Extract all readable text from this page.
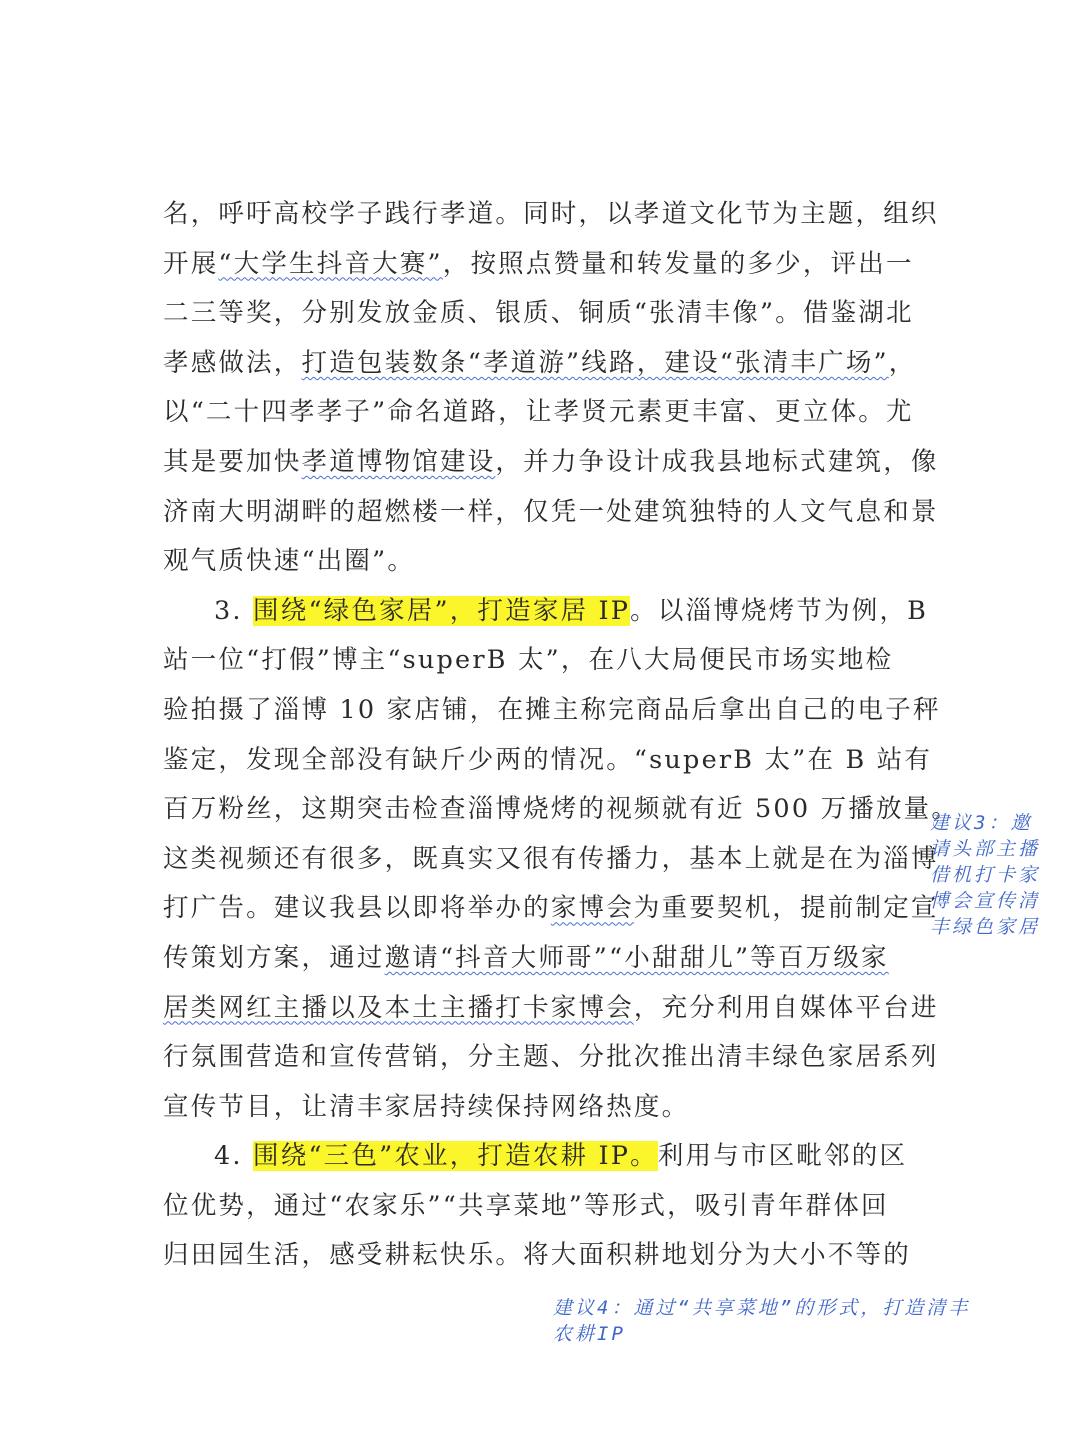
名，呼吁高校学子践行孝道。同时，以孝道文化节为主题，组织
开展“大学生抖音大赛”，按照点赞量和转发量的多少，评出一
二三等奖，分别发放金质、银质、铜质“张清丰像”。借鉴湖北
孝感做法，打造包装数条“孝道游”线路，建设“张清丰广场”，
以“二十四孝孝子”命名道路，让孝贤元素更丰富、更立体。尤
其是要加快孝道博物馆建设，并力争设计成我县地标式建筑，像
济南大明湖畔的超燃楼一样，仅凭一处建筑独特的人文气息和景
观气质快速“出圈”。
3. 围绕“绿色家居”，打造家居 IP。以淄博烧烤节为例，B
站一位“打假”博主“superB 太”，在八大局便民市场实地检
验拍摄了淄博 10 家店铺，在摊主称完商品后拿出自己的电子秤
鉴定，发现全部没有缺斤少两的情况。“superB 太”在 B 站有
百万粉丝，这期突击检查淄博烧烤的视频就有近 500 万播放量。
这类视频还有很多，既真实又很有传播力，基本上就是在为淄博
打广告。建议我县以即将举办的家博会为重要契机，提前制定宣
传策划方案，通过邀请“抖音大师哥”“小甜甜儿”等百万级家
居类网红主播以及本土主播打卡家博会，充分利用自媒体平台进
行氛围营造和宣传营销，分主题、分批次推出清丰绿色家居系列
宣传节目，让清丰家居持续保持网络热度。
4. 围绕“三色”农业，打造农耕 IP。利用与市区毗邻的区
位优势，通过“农家乐”“共享菜地”等形式，吸引青年群体回
归田园生活，感受耕耘快乐。将大面积耕地划分为大小不等的
建议3：邀
请头部主播
借机打卡家
博会宣传清
丰绿色家居
建议4：通过“共享菜地”的形式，打造清丰
农耕IP
